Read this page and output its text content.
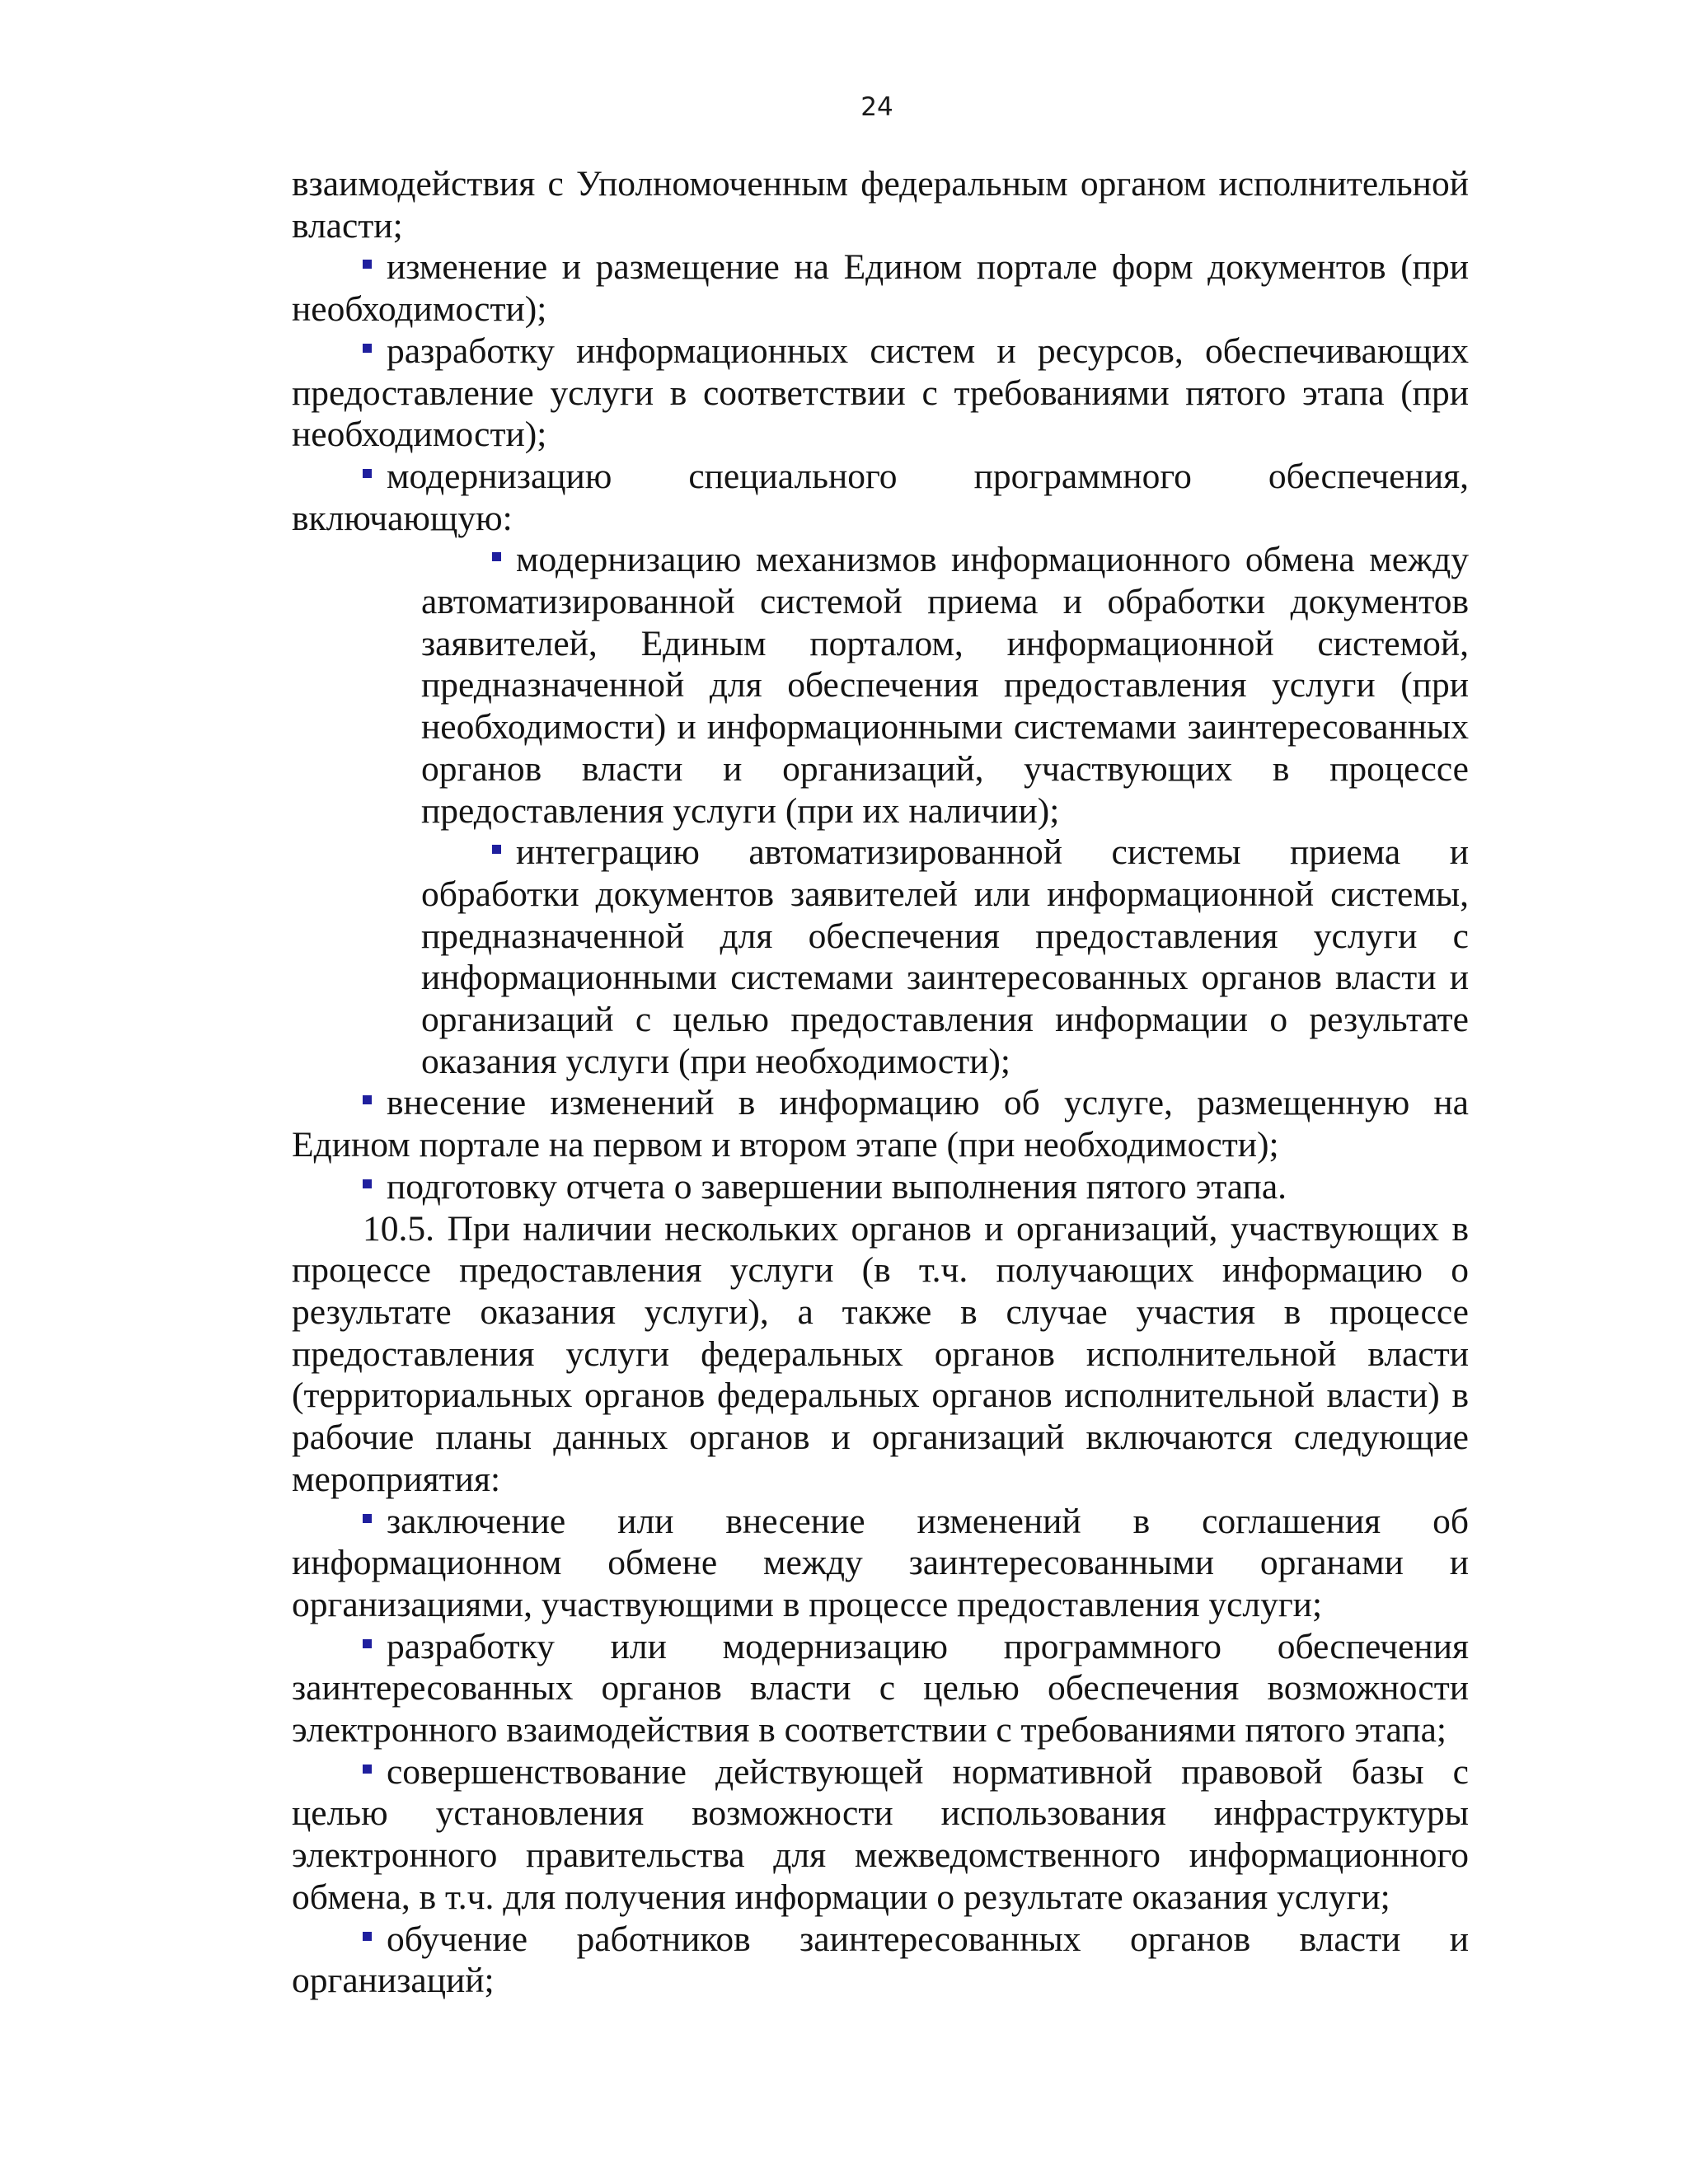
24

взаимодействия с Уполномоченным федеральным органом исполнительной власти;

изменение и размещение на Едином портале форм документов (при необходимости);

разработку информационных систем и ресурсов, обеспечивающих предоставление услуги в соответствии с требованиями пятого этапа (при необходимости);

модернизацию специального программного обеспечения, включающую:

модернизацию механизмов информационного обмена между автоматизированной системой приема и обработки документов заявителей, Единым порталом, информационной системой, предназначенной для обеспечения предоставления услуги (при необходимости) и информационными системами заинтересованных органов власти и организаций, участвующих в процессе предоставления услуги (при их наличии);

интеграцию автоматизированной системы приема и обработки документов заявителей или информационной системы, предназначенной для обеспечения предоставления услуги с информационными системами заинтересованных органов власти и организаций с целью предоставления информации о результате оказания услуги (при необходимости);

внесение изменений в информацию об услуге, размещенную на Едином портале на первом и втором этапе (при необходимости);

подготовку отчета о завершении выполнения пятого этапа.

10.5. При наличии нескольких органов и организаций, участвующих в процессе предоставления услуги (в т.ч. получающих информацию о результате оказания услуги), а также в случае участия в процессе предоставления услуги федеральных органов исполнительной власти (территориальных органов федеральных органов исполнительной власти) в рабочие планы данных органов и организаций включаются следующие мероприятия:

заключение или внесение изменений в соглашения об информационном обмене между заинтересованными органами и организациями, участвующими в процессе предоставления услуги;

разработку или модернизацию программного обеспечения заинтересованных органов власти с целью обеспечения возможности электронного взаимодействия в соответствии с требованиями пятого этапа;

совершенствование действующей нормативной правовой базы с целью установления возможности использования инфраструктуры электронного правительства для межведомственного информационного обмена, в т.ч. для получения информации о результате оказания услуги;

обучение работников заинтересованных органов власти и организаций;
